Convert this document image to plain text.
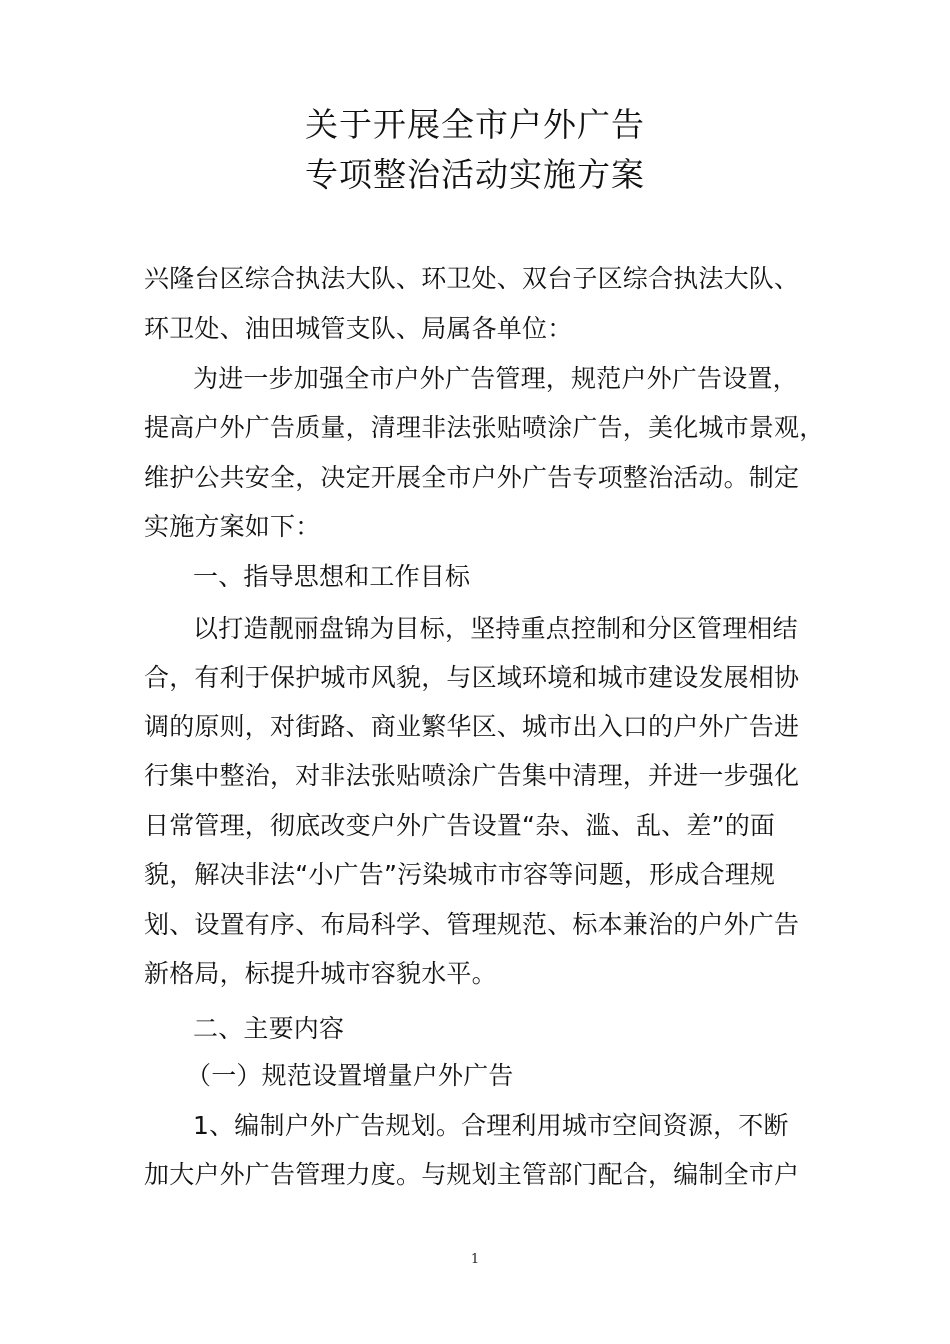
关于开展全市户外广告
专项整治活动实施方案
兴隆台区综合执法大队、环卫处、双台子区综合执法大队、
环卫处、油田城管支队、局属各单位：
为进一步加强全市户外广告管理，规范户外广告设置，
提高户外广告质量，清理非法张贴喷涂广告，美化城市景观，
维护公共安全，决定开展全市户外广告专项整治活动。制定
实施方案如下：
一、指导思想和工作目标
以打造靓丽盘锦为目标，坚持重点控制和分区管理相结
合，有利于保护城市风貌，与区域环境和城市建设发展相协
调的原则，对街路、商业繁华区、城市出入口的户外广告进
行集中整治，对非法张贴喷涂广告集中清理，并进一步强化
日常管理，彻底改变户外广告设置“杂、滥、乱、差”的面
貌，解决非法“小广告”污染城市市容等问题，形成合理规
划、设置有序、布局科学、管理规范、标本兼治的户外广告
新格局，标提升城市容貌水平。
二、主要内容
（一）规范设置增量户外广告
1、编制户外广告规划。合理利用城市空间资源，不断
加大户外广告管理力度。与规划主管部门配合，编制全市户
1
